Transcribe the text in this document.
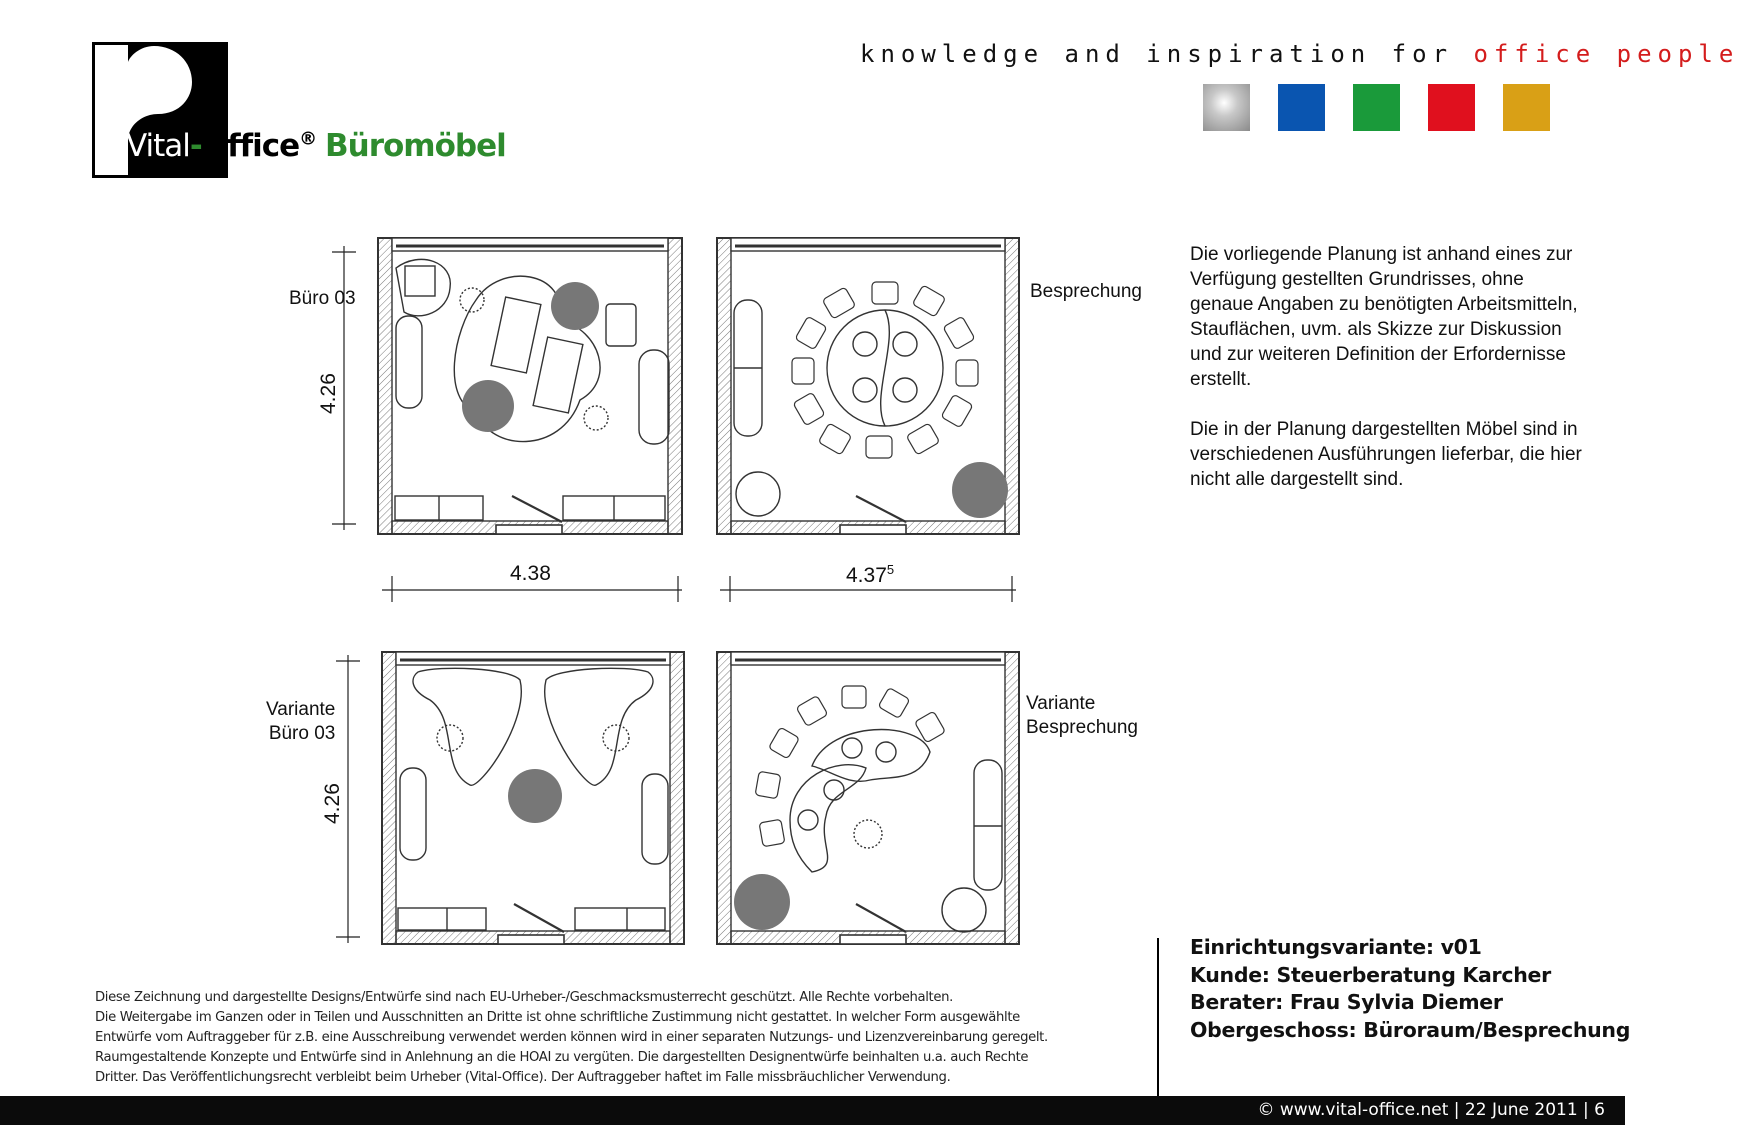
Vital-Office® Büromöbel
knowledge and inspiration for office people
Büro 03	Besprechung
Variante
Büro 03
Variante
Besprechung
4.26
4.26
4.38	4.37$^5$

Die vorliegende Planung ist anhand eines zur Verfügung gestellten Grundrisses, ohne genaue Angaben zu benötigten Arbeitsmitteln, Stauflächen, uvm. als Skizze zur Diskussion und zur weiteren Definition der Erfordernisse erstellt.

Die in der Planung dargestellten Möbel sind in verschiedenen Ausführungen lieferbar, die hier nicht alle dargestellt sind.

Diese Zeichnung und dargestellte Designs/Entwürfe sind nach EU-Urheber-/Geschmacksmusterrecht geschützt. Alle Rechte vorbehalten.
Die Weitergabe im Ganzen oder in Teilen und Ausschnitten an Dritte ist ohne schriftliche Zustimmung nicht gestattet. In welcher Form ausgewählte
Entwürfe vom Auftraggeber für z.B. eine Ausschreibung verwendet werden können wird in einer separaten Nutzungs- und Lizenzvereinbarung geregelt.
Raumgestaltende Konzepte und Entwürfe sind in Anlehnung an die HOAI zu vergüten. Die dargestellten Designentwürfe beinhalten u.a. auch Rechte
Dritter. Das Veröffentlichungsrecht verbleibt beim Urheber (Vital-Office). Der Auftraggeber haftet im Falle missbräuchlicher Verwendung.
Einrichtungsvariante: v01
Kunde: Steuerberatung Karcher
Berater: Frau Sylvia Diemer
Obergeschoss: Büroraum/Besprechung
© www.vital-office.net | 22 June 2011 | 6
